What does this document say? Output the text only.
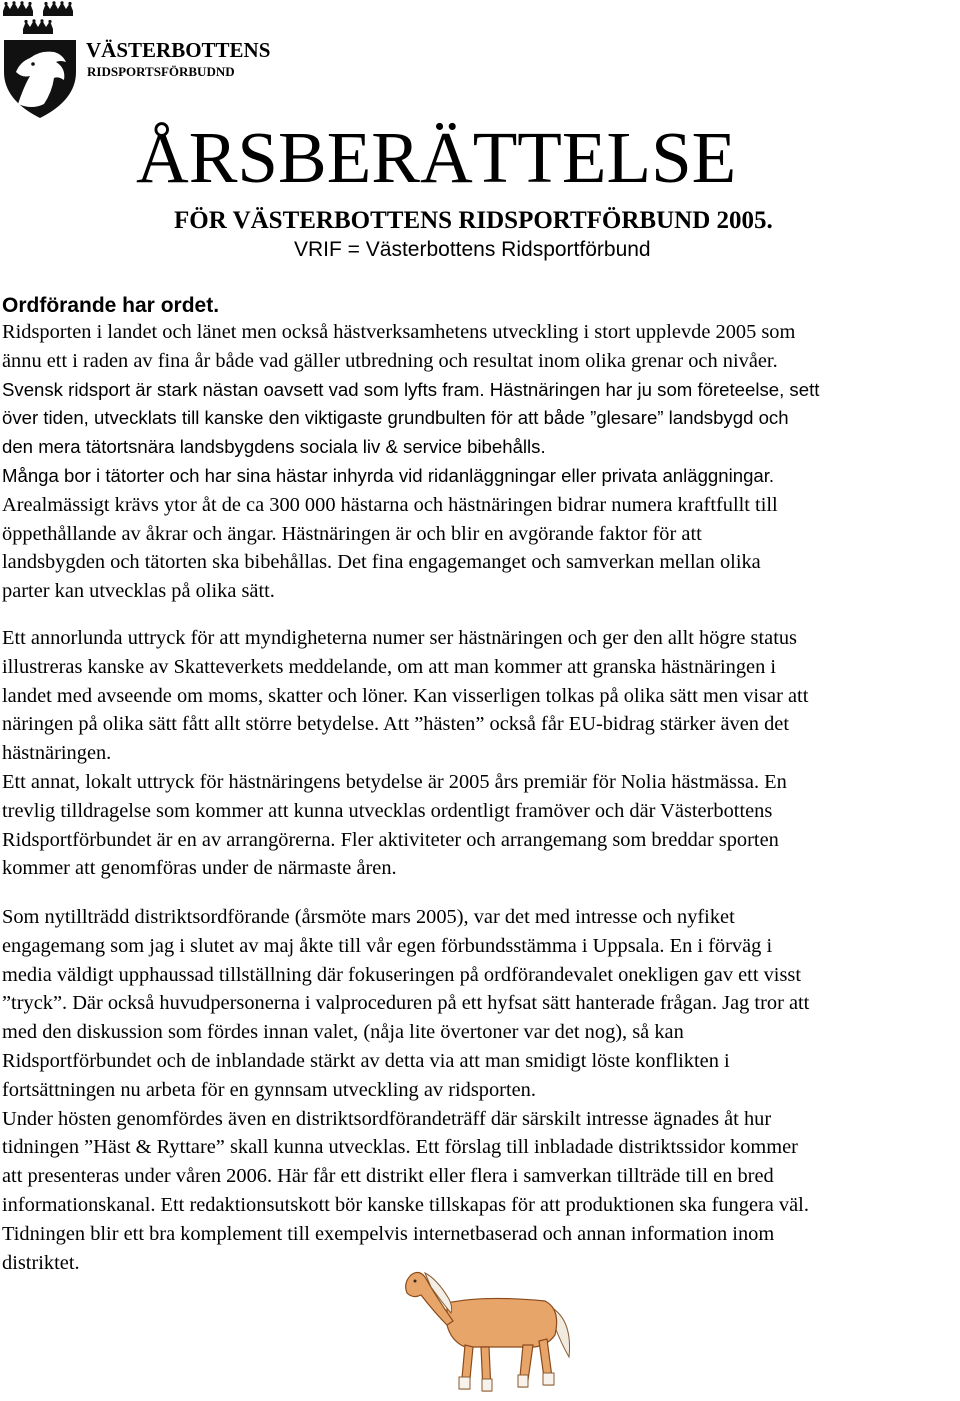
VÄSTERBOTTENS
RIDSPORTSFÖRBUDND
ÅRSBERÄTTELSE
FÖR VÄSTERBOTTENS RIDSPORTFÖRBUND 2005.
VRIF = Västerbottens Ridsportförbund
Ordförande har ordet.

Ridsporten i landet och länet men också hästverksamhetens utveckling i stort upplevde 2005 som

ännu ett i raden av fina år både vad gäller utbredning och resultat inom olika grenar och nivåer.

Svensk ridsport är stark nästan oavsett vad som lyfts fram. Hästnäringen har ju som företeelse, sett

över tiden, utvecklats till kanske den viktigaste grundbulten för att både ”glesare” landsbygd och

den mera tätortsnära landsbygdens sociala liv & service bibehålls.

Många bor i tätorter och har sina hästar inhyrda vid ridanläggningar eller privata anläggningar.

Arealmässigt krävs ytor åt de ca 300 000 hästarna och hästnäringen bidrar numera kraftfullt till

öppethållande av åkrar och ängar. Hästnäringen är och blir en avgörande faktor för att

landsbygden och tätorten ska bibehållas. Det fina engagemanget och samverkan mellan olika

parter kan utvecklas på olika sätt.

Ett annorlunda uttryck för att myndigheterna numer ser hästnäringen och ger den allt högre status

illustreras kanske av Skatteverkets meddelande, om att man kommer att granska hästnäringen i

landet med avseende om moms, skatter och löner. Kan visserligen tolkas på olika sätt men visar att

näringen på olika sätt fått allt större betydelse. Att ”hästen” också får EU-bidrag stärker även det

hästnäringen.

Ett annat, lokalt uttryck för hästnäringens betydelse är 2005 års premiär för Nolia hästmässa. En

trevlig tilldragelse som kommer att kunna utvecklas ordentligt framöver och där Västerbottens

Ridsportförbundet är en av arrangörerna. Fler aktiviteter och arrangemang som breddar sporten

kommer att genomföras under de närmaste åren.

Som nytillträdd distriktsordförande (årsmöte mars 2005), var det med intresse och nyfiket

engagemang som jag i slutet av maj åkte till vår egen förbundsstämma i Uppsala. En i förväg i

media väldigt upphaussad tillställning där fokuseringen på ordförandevalet onekligen gav ett visst

”tryck”. Där också huvudpersonerna i valproceduren på ett hyfsat sätt hanterade frågan. Jag tror att

med den diskussion som fördes innan valet, (nåja lite övertoner var det nog), så kan

Ridsportförbundet och de inblandade stärkt av detta via att man smidigt löste konflikten i

fortsättningen nu arbeta för en gynnsam utveckling av ridsporten.

Under hösten genomfördes även en distriktsordförandeträff där särskilt intresse ägnades åt hur

tidningen ”Häst & Ryttare” skall kunna utvecklas. Ett förslag till inbladade distriktssidor kommer

att presenteras under våren 2006. Här får ett distrikt eller flera i samverkan tillträde till en bred

informationskanal. Ett redaktionsutskott bör kanske tillskapas för att produktionen ska fungera väl.

Tidningen blir ett bra komplement till exempelvis internetbaserad och annan information inom

distriktet.
